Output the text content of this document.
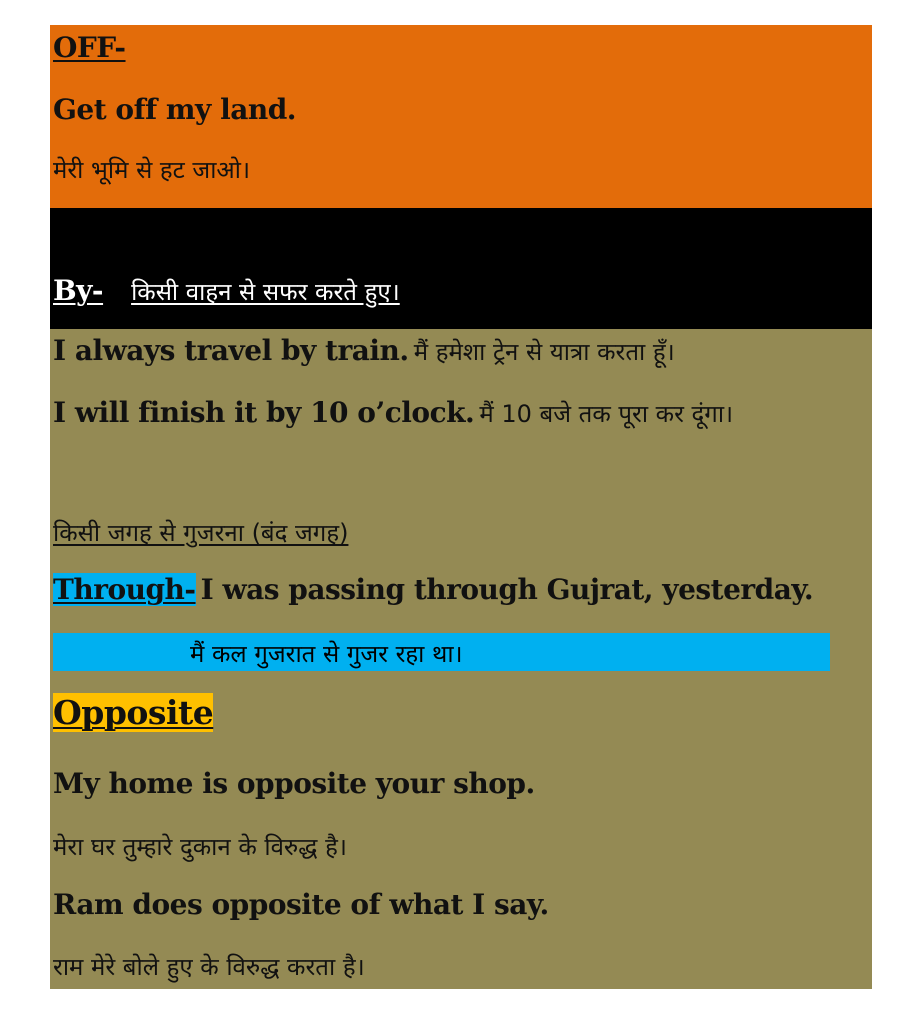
OFF-
Get off my land.
मेरी भूमि से हट जाओ।
By- किसी वाहन से सफर करते हुए।
I always travel by train. मैं हमेशा ट्रेन से यात्रा करता हूँ।
I will finish it by 10 o’clock. मैं 10 बजे तक पूरा कर दूंगा।
किसी जगह से गुजरना (बंद जगह)
Through- I was passing through Gujrat, yesterday.
मैं कल गुजरात से गुजर रहा था।
Opposite
My home is opposite your shop.
मेरा घर तुम्हारे दुकान के विरुद्ध है।
Ram does opposite of what I say.
राम मेरे बोले हुए के विरुद्ध करता है।
